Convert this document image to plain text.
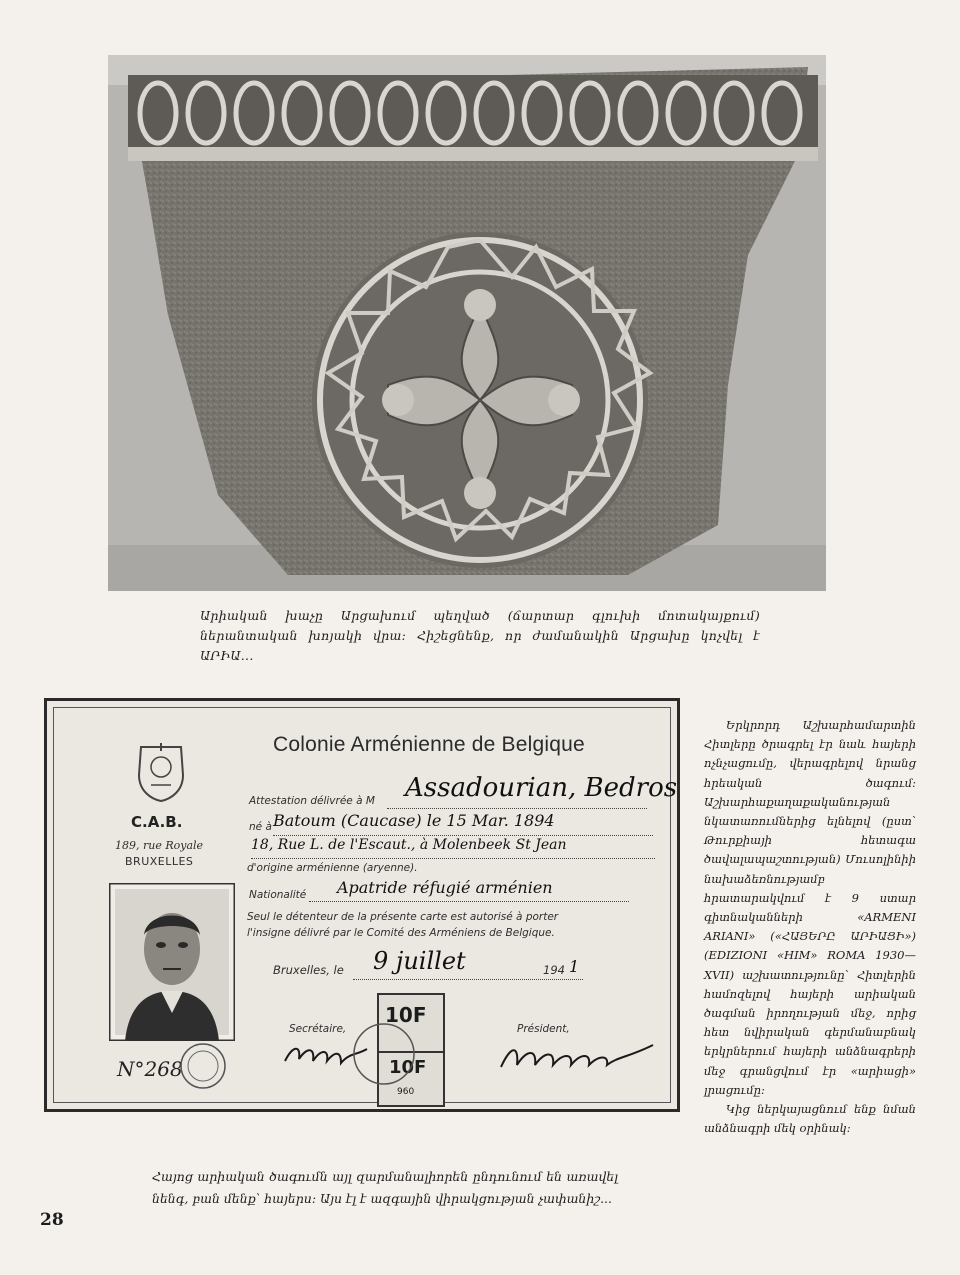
Արիական խաչը Արցախում պեղված (ճարտար գլուխի մոտակայքում) ներանտական խոյակի վրա: Հիշեցնենք, որ ժամանակին Արցախը կոչվել է ԱՐԻԱ...
C.A.B.
189, rue Royale
BRUXELLES
Colonie Arménienne de Belgique
Attestation délivrée à M Assadourian, Bedros
né à Batoum (Caucase) le 15 Mar. 1894
18, Rue L. de l'Escaut., à Molenbeek St Jean
d'origine arménienne (aryenne).
Nationalité Apatride réfugié arménien
Seul le détenteur de la présente carte est autorisé à porter
l'insigne délivré par le Comité des Arméniens de Belgique.
Bruxelles, le 9 juillet	194 1
N°268
Secrétaire,	Président,
10F
10F
960

Երկրորդ Աշխարհամարտին Հիտլերը ծրագրել էր նաև հայերի ոչնչացումը, վերագրելով նրանց հրեական ծագում: Աշխարհաքաղաքականության նկատառումներից ելնելով (ըստ՝ Թուրքիայի հետագա ծավալապաշտության) Մուսոլինիի նախաձեռնությամբ հրատարակվում է 9 ստար գիտնականների «ARMENI ARIANI» («ՀԱՅԵՐԸ ԱՐԻԱՑԻ») (EDIZIONI «HIM» ROMA 1930—XVII) աշխատությունը՝ Հիտլերին համոզելով հայերի արիական ծագման իրողության մեջ, որից հետ նվիրական գերմանաբնակ երկրներում հայերի անձնագրերի մեջ գրանցվում էր «արիացի» լրացումը:

Կից ներկայացնում ենք նման անձնագրի մեկ օրինակ:

Հայոց արիական ծագումն այլ զարմանալիորեն ընդունում են առավել նենգ, բան մենք՝ հայերս: Այս էլ է ազգային վիրակցության չափանիշ...
28
